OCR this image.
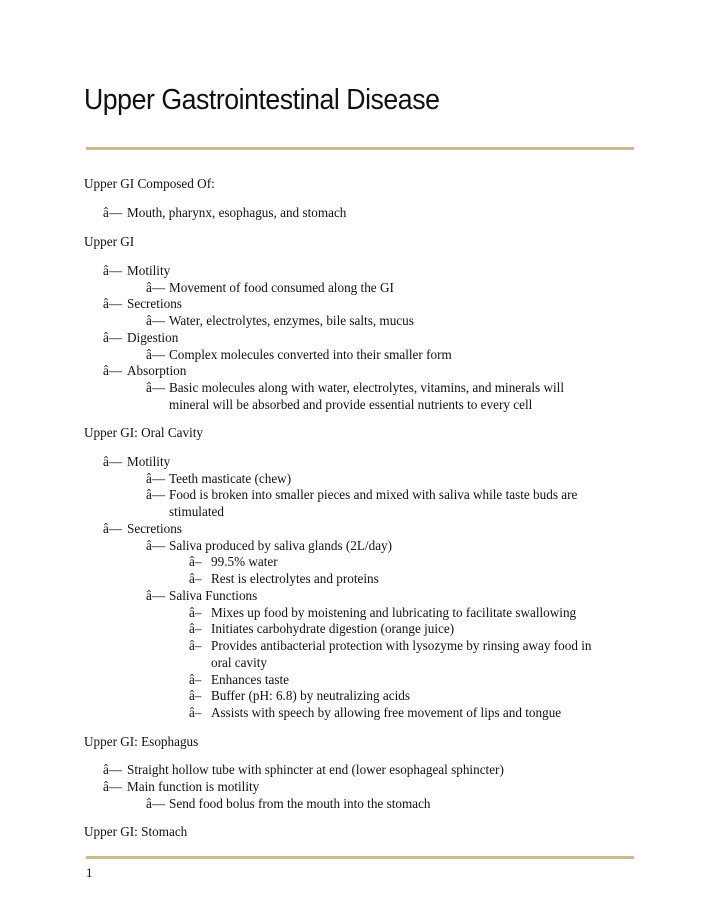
Upper Gastrointestinal Disease
Upper GI Composed Of:
â— Mouth, pharynx, esophagus, and stomach
Upper GI
â— Motility
â— Movement of food consumed along the GI
â— Secretions
â— Water, electrolytes, enzymes, bile salts, mucus
â— Digestion
â— Complex molecules converted into their smaller form
â— Absorption
â— Basic molecules along with water, electrolytes, vitamins, and minerals will
mineral will be absorbed and provide essential nutrients to every cell
Upper GI: Oral Cavity
â— Motility
â— Teeth masticate (chew)
â— Food is broken into smaller pieces and mixed with saliva while taste buds are
stimulated
â— Secretions
â— Saliva produced by saliva glands (2L/day)
â– 99.5% water
â– Rest is electrolytes and proteins
â— Saliva Functions
â– Mixes up food by moistening and lubricating to facilitate swallowing
â– Initiates carbohydrate digestion (orange juice)
â– Provides antibacterial protection with lysozyme by rinsing away food in
oral cavity
â– Enhances taste
â– Buffer (pH: 6.8) by neutralizing acids
â– Assists with speech by allowing free movement of lips and tongue
Upper GI: Esophagus
â— Straight hollow tube with sphincter at end (lower esophageal sphincter)
â— Main function is motility
â— Send food bolus from the mouth into the stomach
Upper GI: Stomach
1
